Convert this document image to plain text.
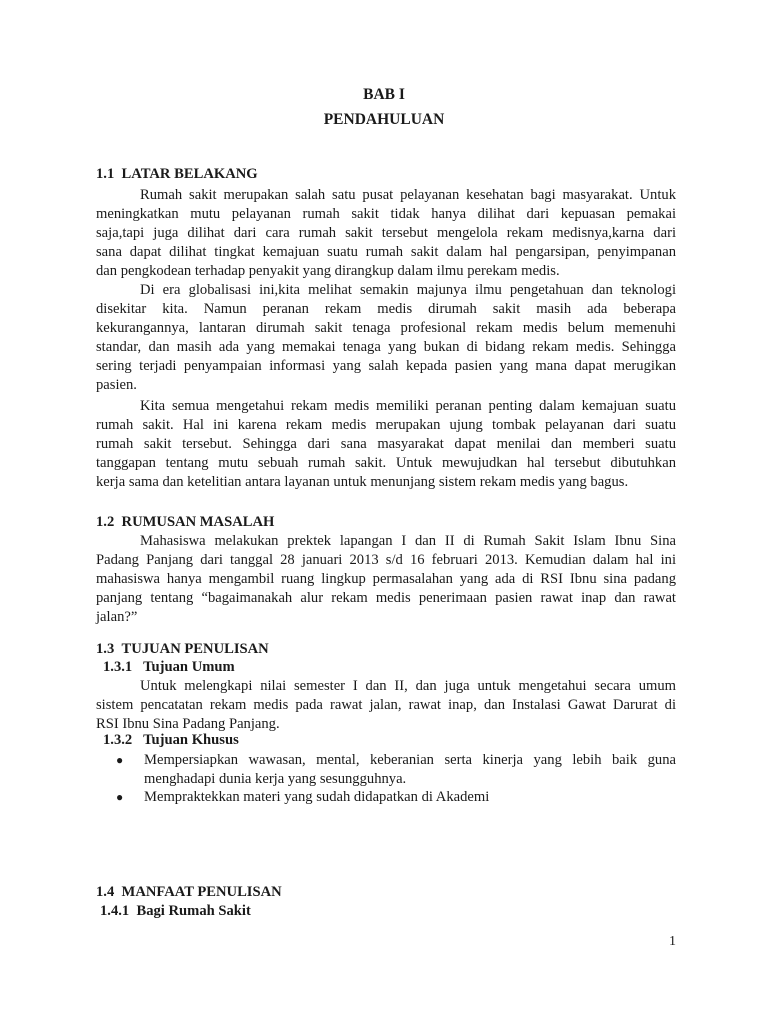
BAB I
PENDAHULUAN
1.1 LATAR BELAKANG
Rumah sakit merupakan salah satu pusat pelayanan kesehatan bagi masyarakat. Untuk
meningkatkan mutu pelayanan rumah sakit tidak hanya dilihat dari kepuasan pemakai
saja,tapi juga dilihat dari cara rumah sakit tersebut mengelola rekam medisnya,karna dari
sana dapat dilihat tingkat kemajuan suatu rumah sakit dalam hal pengarsipan, penyimpanan
dan pengkodean terhadap penyakit yang dirangkup dalam ilmu perekam medis.
Di era globalisasi ini,kita melihat semakin majunya ilmu pengetahuan dan teknologi
disekitar kita. Namun peranan rekam medis dirumah sakit masih ada beberapa
kekurangannya, lantaran dirumah sakit tenaga profesional rekam medis belum memenuhi
standar, dan masih ada yang memakai tenaga yang bukan di bidang rekam medis. Sehingga
sering terjadi penyampaian informasi yang salah kepada pasien yang mana dapat merugikan
pasien.
Kita semua mengetahui rekam medis memiliki peranan penting dalam kemajuan suatu
rumah sakit. Hal ini karena rekam medis merupakan ujung tombak pelayanan dari suatu
rumah sakit tersebut. Sehingga dari sana masyarakat dapat menilai dan memberi suatu
tanggapan tentang mutu sebuah rumah sakit. Untuk mewujudkan hal tersebut dibutuhkan
kerja sama dan ketelitian antara layanan untuk menunjang sistem rekam medis yang bagus.
1.2 RUMUSAN MASALAH
Mahasiswa melakukan prektek lapangan I dan II di Rumah Sakit Islam Ibnu Sina
Padang Panjang dari tanggal 28 januari 2013 s/d 16 februari 2013. Kemudian dalam hal ini
mahasiswa hanya mengambil ruang lingkup permasalahan yang ada di RSI Ibnu sina padang
panjang tentang “bagaimanakah alur rekam medis penerimaan pasien rawat inap dan rawat
jalan?”
1.3 TUJUAN PENULISAN
1.3.1 Tujuan Umum
Untuk melengkapi nilai semester I dan II, dan juga untuk mengetahui secara umum
sistem pencatatan rekam medis pada rawat jalan, rawat inap, dan Instalasi Gawat Darurat di
RSI Ibnu Sina Padang Panjang.
1.3.2 Tujuan Khusus
● Mempersiapkan wawasan, mental, keberanian serta kinerja yang lebih baik guna
menghadapi dunia kerja yang sesungguhnya.
● Mempraktekkan materi yang sudah didapatkan di Akademi
1.4 MANFAAT PENULISAN
1.4.1 Bagi Rumah Sakit
1
